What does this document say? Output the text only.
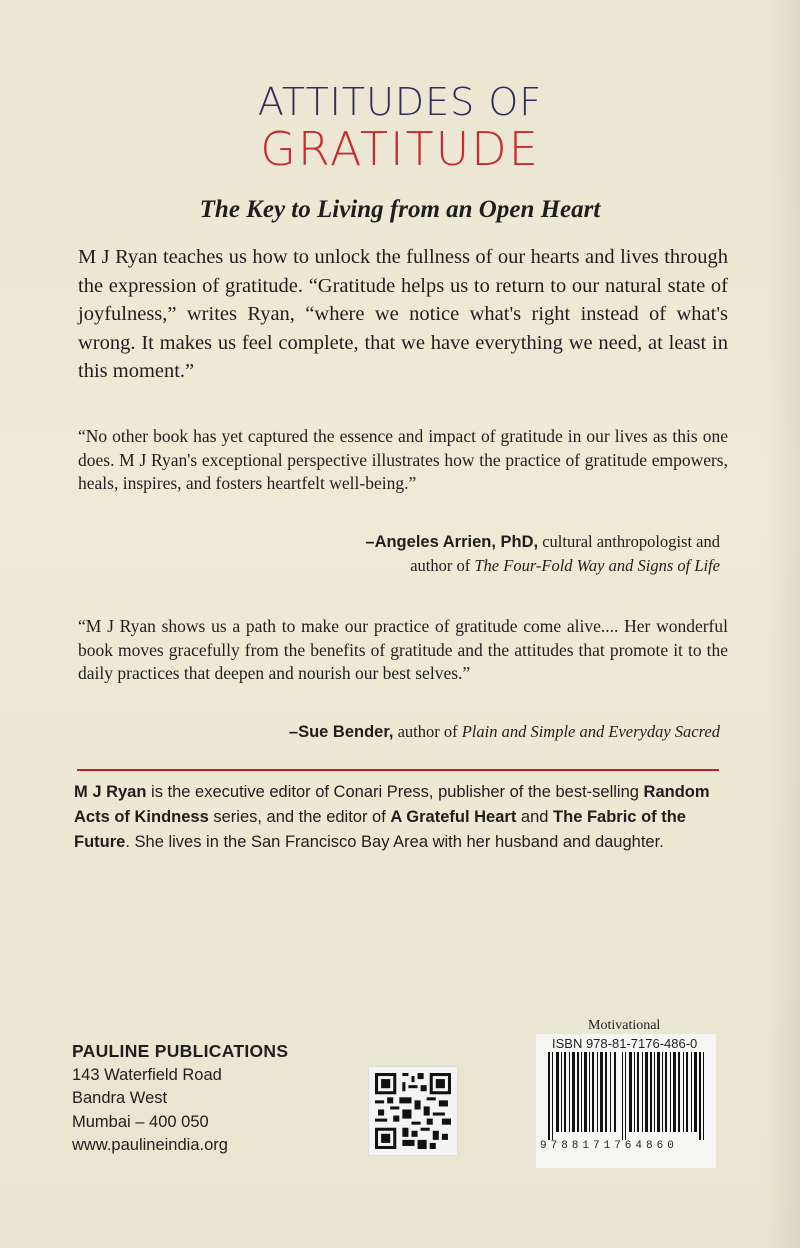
ATTITUDES OF
GRATITUDE
The Key to Living from an Open Heart

M J Ryan teaches us how to unlock the fullness of our hearts and lives through the expression of gratitude. “Gratitude helps us to return to our natural state of joyfulness,” writes Ryan, “where we notice what's right instead of what's wrong. It makes us feel complete, that we have everything we need, at least in this moment.”

“No other book has yet captured the essence and impact of gratitude in our lives as this one does. M J Ryan's exceptional perspective illustrates how the practice of gratitude empowers, heals, inspires, and fosters heartfelt well-being.”

–Angeles Arrien, PhD, cultural anthropologist and
author of The Four-Fold Way and Signs of Life

“M J Ryan shows us a path to make our practice of gratitude come alive.... Her wonderful book moves gracefully from the benefits of gratitude and the attitudes that promote it to the daily practices that deepen and nourish our best selves.”

–Sue Bender, author of Plain and Simple and Everyday Sacred

M J Ryan is the executive editor of Conari Press, publisher of the best-selling Random Acts of Kindness series, and the editor of A Grateful Heart and The Fabric of the Future. She lives in the San Francisco Bay Area with her husband and daughter.

PAULINE PUBLICATIONS
143 Waterfield Road
Bandra West
Mumbai – 400 050
www.paulineindia.org
Motivational
ISBN 978-81-7176-486-0
9788171764860
